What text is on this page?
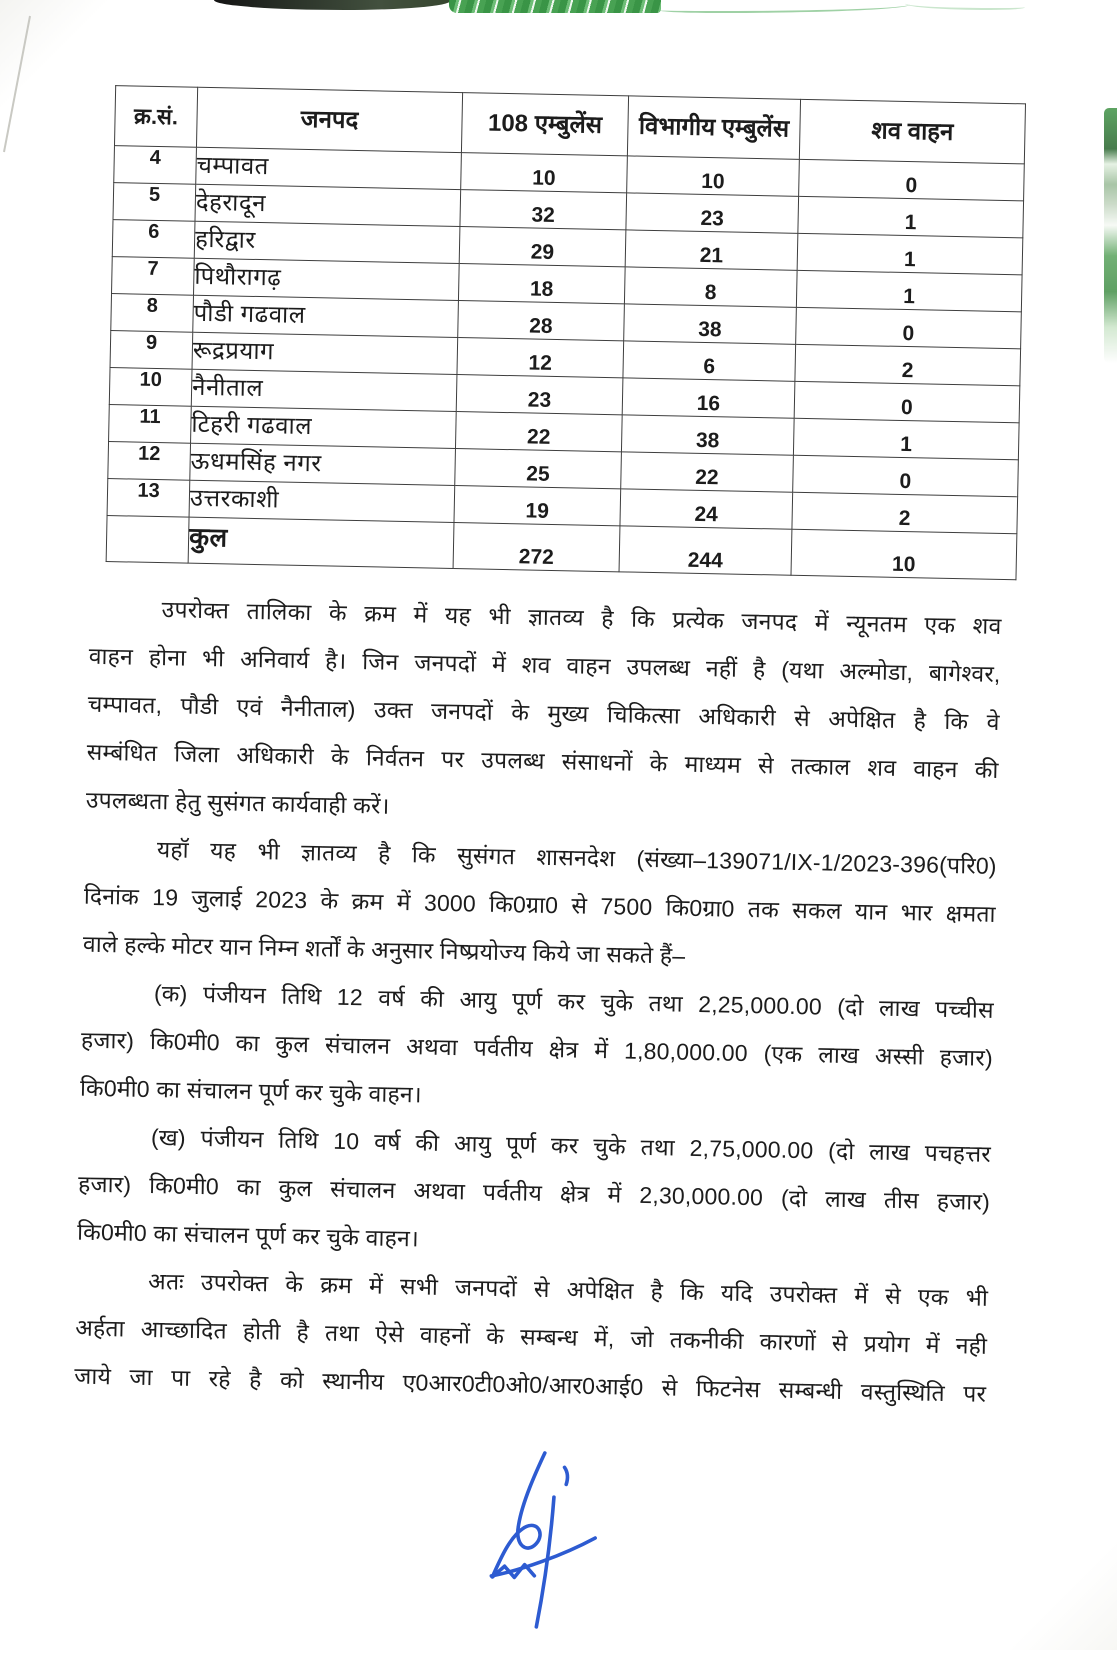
क्र.सं.	जनपद	108 एम्बुलेंस	विभागीय एम्बुलेंस	शव वाहन
4	चम्पावत	10	10	0
5	देहरादून	32	23	1
6	हरिद्वार	29	21	1
7	पिथौरागढ़	18	8	1
8	पौडी गढवाल	28	38	0
9	रूद्रप्रयाग	12	6	2
10	नैनीताल	23	16	0
11	टिहरी गढवाल	22	38	1
12	ऊधमसिंह नगर	25	22	0
13	उत्तरकाशी	19	24	2
	कुल	272	244	10
उपरोक्त तालिका के क्रम में यह भी ज्ञातव्य है कि प्रत्येक जनपद में न्यूनतम एक शव
वाहन होना भी अनिवार्य है। जिन जनपदों में शव वाहन उपलब्ध नहीं है (यथा अल्मोडा, बागेश्वर,
चम्पावत, पौडी एवं नैनीताल) उक्त जनपदों के मुख्य चिकित्सा अधिकारी से अपेक्षित है कि वे
सम्बंधित जिला अधिकारी के निर्वतन पर उपलब्ध संसाधनों के माध्यम से तत्काल शव वाहन की
उपलब्धता हेतु सुसंगत कार्यवाही करें।
यहॉ यह भी ज्ञातव्य है कि सुसंगत शासनदेश (संख्या–139071/IX-1/2023-396(परि0)
दिनांक 19 जुलाई 2023 के क्रम में 3000 कि0ग्रा0 से 7500 कि0ग्रा0 तक सकल यान भार क्षमता
वाले हल्के मोटर यान निम्न शर्तों के अनुसार निष्प्रयोज्य किये जा सकते हैं–
(क) पंजीयन तिथि 12 वर्ष की आयु पूर्ण कर चुके तथा 2,25,000.00 (दो लाख पच्चीस
हजार) कि0मी0 का कुल संचालन अथवा पर्वतीय क्षेत्र में 1,80,000.00 (एक लाख अस्सी हजार)
कि0मी0 का संचालन पूर्ण कर चुके वाहन।
(ख) पंजीयन तिथि 10 वर्ष की आयु पूर्ण कर चुके तथा 2,75,000.00 (दो लाख पचहत्तर
हजार) कि0मी0 का कुल संचालन अथवा पर्वतीय क्षेत्र में 2,30,000.00 (दो लाख तीस हजार)
कि0मी0 का संचालन पूर्ण कर चुके वाहन।
अतः उपरोक्त के क्रम में सभी जनपदों से अपेक्षित है कि यदि उपरोक्त में से एक भी
अर्हता आच्छादित होती है तथा ऐसे वाहनों के सम्बन्ध में, जो तकनीकी कारणों से प्रयोग में नही
जाये जा पा रहे है को स्थानीय ए0आर0टी0ओ0/आर0आई0 से फिटनेस सम्बन्धी वस्तुस्थिति पर
